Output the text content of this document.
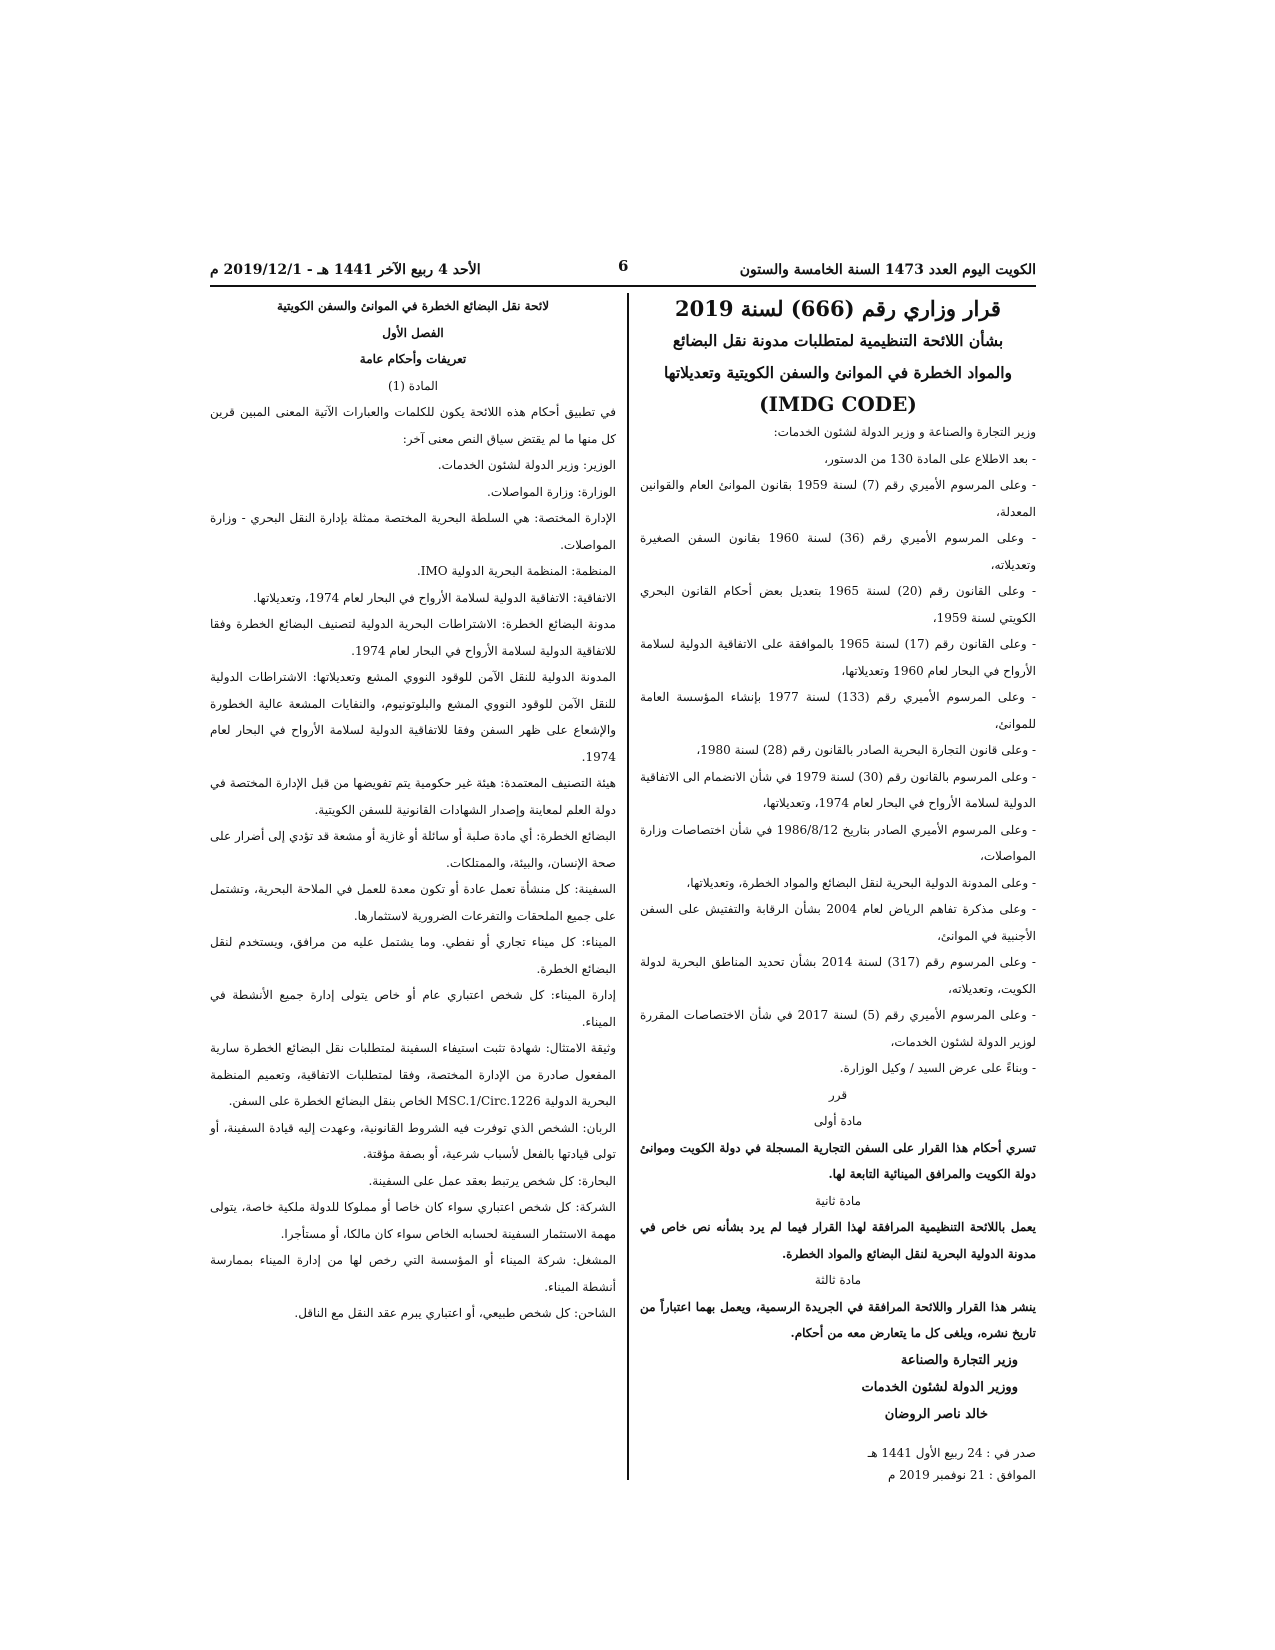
الأحد 4 ربيع الآخر 1441 هـ - 2019/12/1 م	الكويت اليوم العدد 1473 السنة الخامسة والستون
6
قرار وزاري رقم (666) لسنة 2019
بشأن اللائحة التنظيمية لمتطلبات مدونة نقل البضائع
والمواد الخطرة في الموانئ والسفن الكويتية وتعديلاتها
(IMDG CODE)

وزير التجارة والصناعة و وزير الدولة لشئون الخدمات:

- بعد الاطلاع على المادة 130 من الدستور،

- وعلى المرسوم الأميري رقم (7) لسنة 1959 بقانون الموانئ العام والقوانين المعدلة،

- وعلى المرسوم الأميري رقم (36) لسنة 1960 بقانون السفن الصغيرة وتعديلاته،

- وعلى القانون رقم (20) لسنة 1965 بتعديل بعض أحكام القانون البحري الكويتي لسنة 1959،

- وعلى القانون رقم (17) لسنة 1965 بالموافقة على الاتفاقية الدولية لسلامة الأرواح في البحار لعام 1960 وتعديلاتها،

- وعلى المرسوم الأميري رقم (133) لسنة 1977 بإنشاء المؤسسة العامة للموانئ،

- وعلى قانون التجارة البحرية الصادر بالقانون رقم (28) لسنة 1980،

- وعلى المرسوم بالقانون رقم (30) لسنة 1979 في شأن الانضمام الى الاتفاقية الدولية لسلامة الأرواح في البحار لعام 1974، وتعديلاتها،

- وعلى المرسوم الأميري الصادر بتاريخ 1986/8/12 في شأن اختصاصات وزارة المواصلات،

- وعلى المدونة الدولية البحرية لنقل البضائع والمواد الخطرة، وتعديلاتها،

- وعلى مذكرة تفاهم الرياض لعام 2004 بشأن الرقابة والتفتيش على السفن الأجنبية في الموانئ،

- وعلى المرسوم رقم (317) لسنة 2014 بشأن تحديد المناطق البحرية لدولة الكويت، وتعديلاته،

- وعلى المرسوم الأميري رقم (5) لسنة 2017 في شأن الاختصاصات المقررة لوزير الدولة لشئون الخدمات،

- وبناءً على عرض السيد / وكيل الوزارة.

قرر

مادة أولى

تسري أحكام هذا القرار على السفن التجارية المسجلة في دولة الكويت وموانئ دولة الكويت والمرافق المينائية التابعة لها.

مادة ثانية

يعمل باللائحة التنظيمية المرافقة لهذا القرار فيما لم يرد بشأنه نص خاص في مدونة الدولية البحرية لنقل البضائع والمواد الخطرة.

مادة ثالثة

ينشر هذا القرار واللائحة المرافقة في الجريدة الرسمية، ويعمل بهما اعتباراً من تاريخ نشره، ويلغى كل ما يتعارض معه من أحكام.

وزير التجارة والصناعة
ووزير الدولة لشئون الخدمات
خالد ناصر الروضان
صدر في : 24 ربيع الأول 1441 هـ
الموافق : 21 نوفمبر 2019 م

لائحة نقل البضائع الخطرة في الموانئ والسفن الكويتية

الفصل الأول

تعريفات وأحكام عامة

المادة (1)

في تطبيق أحكام هذه اللائحة يكون للكلمات والعبارات الآتية المعنى المبين قرين كل منها ما لم يقتض سياق النص معنى آخر:

الوزير: وزير الدولة لشئون الخدمات.

الوزارة: وزارة المواصلات.

الإدارة المختصة: هي السلطة البحرية المختصة ممثلة بإدارة النقل البحري - وزارة المواصلات.

المنظمة: المنظمة البحرية الدولية IMO.

الاتفاقية: الاتفاقية الدولية لسلامة الأرواح في البحار لعام 1974، وتعديلاتها.

مدونة البضائع الخطرة: الاشتراطات البحرية الدولية لتصنيف البضائع الخطرة وفقا للاتفاقية الدولية لسلامة الأرواح في البحار لعام 1974.

المدونة الدولية للنقل الآمن للوقود النووي المشع وتعديلاتها: الاشتراطات الدولية للنقل الآمن للوقود النووي المشع والبلوتونيوم، والنفايات المشعة عالية الخطورة والإشعاع على ظهر السفن وفقا للاتفاقية الدولية لسلامة الأرواح في البحار لعام 1974.

هيئة التصنيف المعتمدة: هيئة غير حكومية يتم تفويضها من قبل الإدارة المختصة في دولة العلم لمعاينة وإصدار الشهادات القانونية للسفن الكويتية.

البضائع الخطرة: أي مادة صلبة أو سائلة أو غازية أو مشعة قد تؤدي إلى أضرار على صحة الإنسان، والبيئة، والممتلكات.

السفينة: كل منشأة تعمل عادة أو تكون معدة للعمل في الملاحة البحرية، وتشتمل على جميع الملحقات والتفرعات الضرورية لاستثمارها.

الميناء: كل ميناء تجاري أو نفطي. وما يشتمل عليه من مرافق، ويستخدم لنقل البضائع الخطرة.

إدارة الميناء: كل شخص اعتباري عام أو خاص يتولى إدارة جميع الأنشطة في الميناء.

وثيقة الامتثال: شهادة تثبت استيفاء السفينة لمتطلبات نقل البضائع الخطرة سارية المفعول صادرة من الإدارة المختصة، وفقا لمتطلبات الاتفاقية، وتعميم المنظمة البحرية الدولية MSC.1/Circ.1226 الخاص بنقل البضائع الخطرة على السفن.

الربان: الشخص الذي توفرت فيه الشروط القانونية، وعهدت إليه قيادة السفينة، أو تولى قيادتها بالفعل لأسباب شرعية، أو بصفة مؤقتة.

البحارة: كل شخص يرتبط بعقد عمل على السفينة.

الشركة: كل شخص اعتباري سواء كان خاصا أو مملوكا للدولة ملكية خاصة، يتولى مهمة الاستثمار السفينة لحسابه الخاص سواء كان مالكا، أو مستأجرا.

المشغل: شركة الميناء أو المؤسسة التي رخص لها من إدارة الميناء بممارسة أنشطة الميناء.

الشاحن: كل شخص طبيعي، أو اعتباري يبرم عقد النقل مع الناقل.
